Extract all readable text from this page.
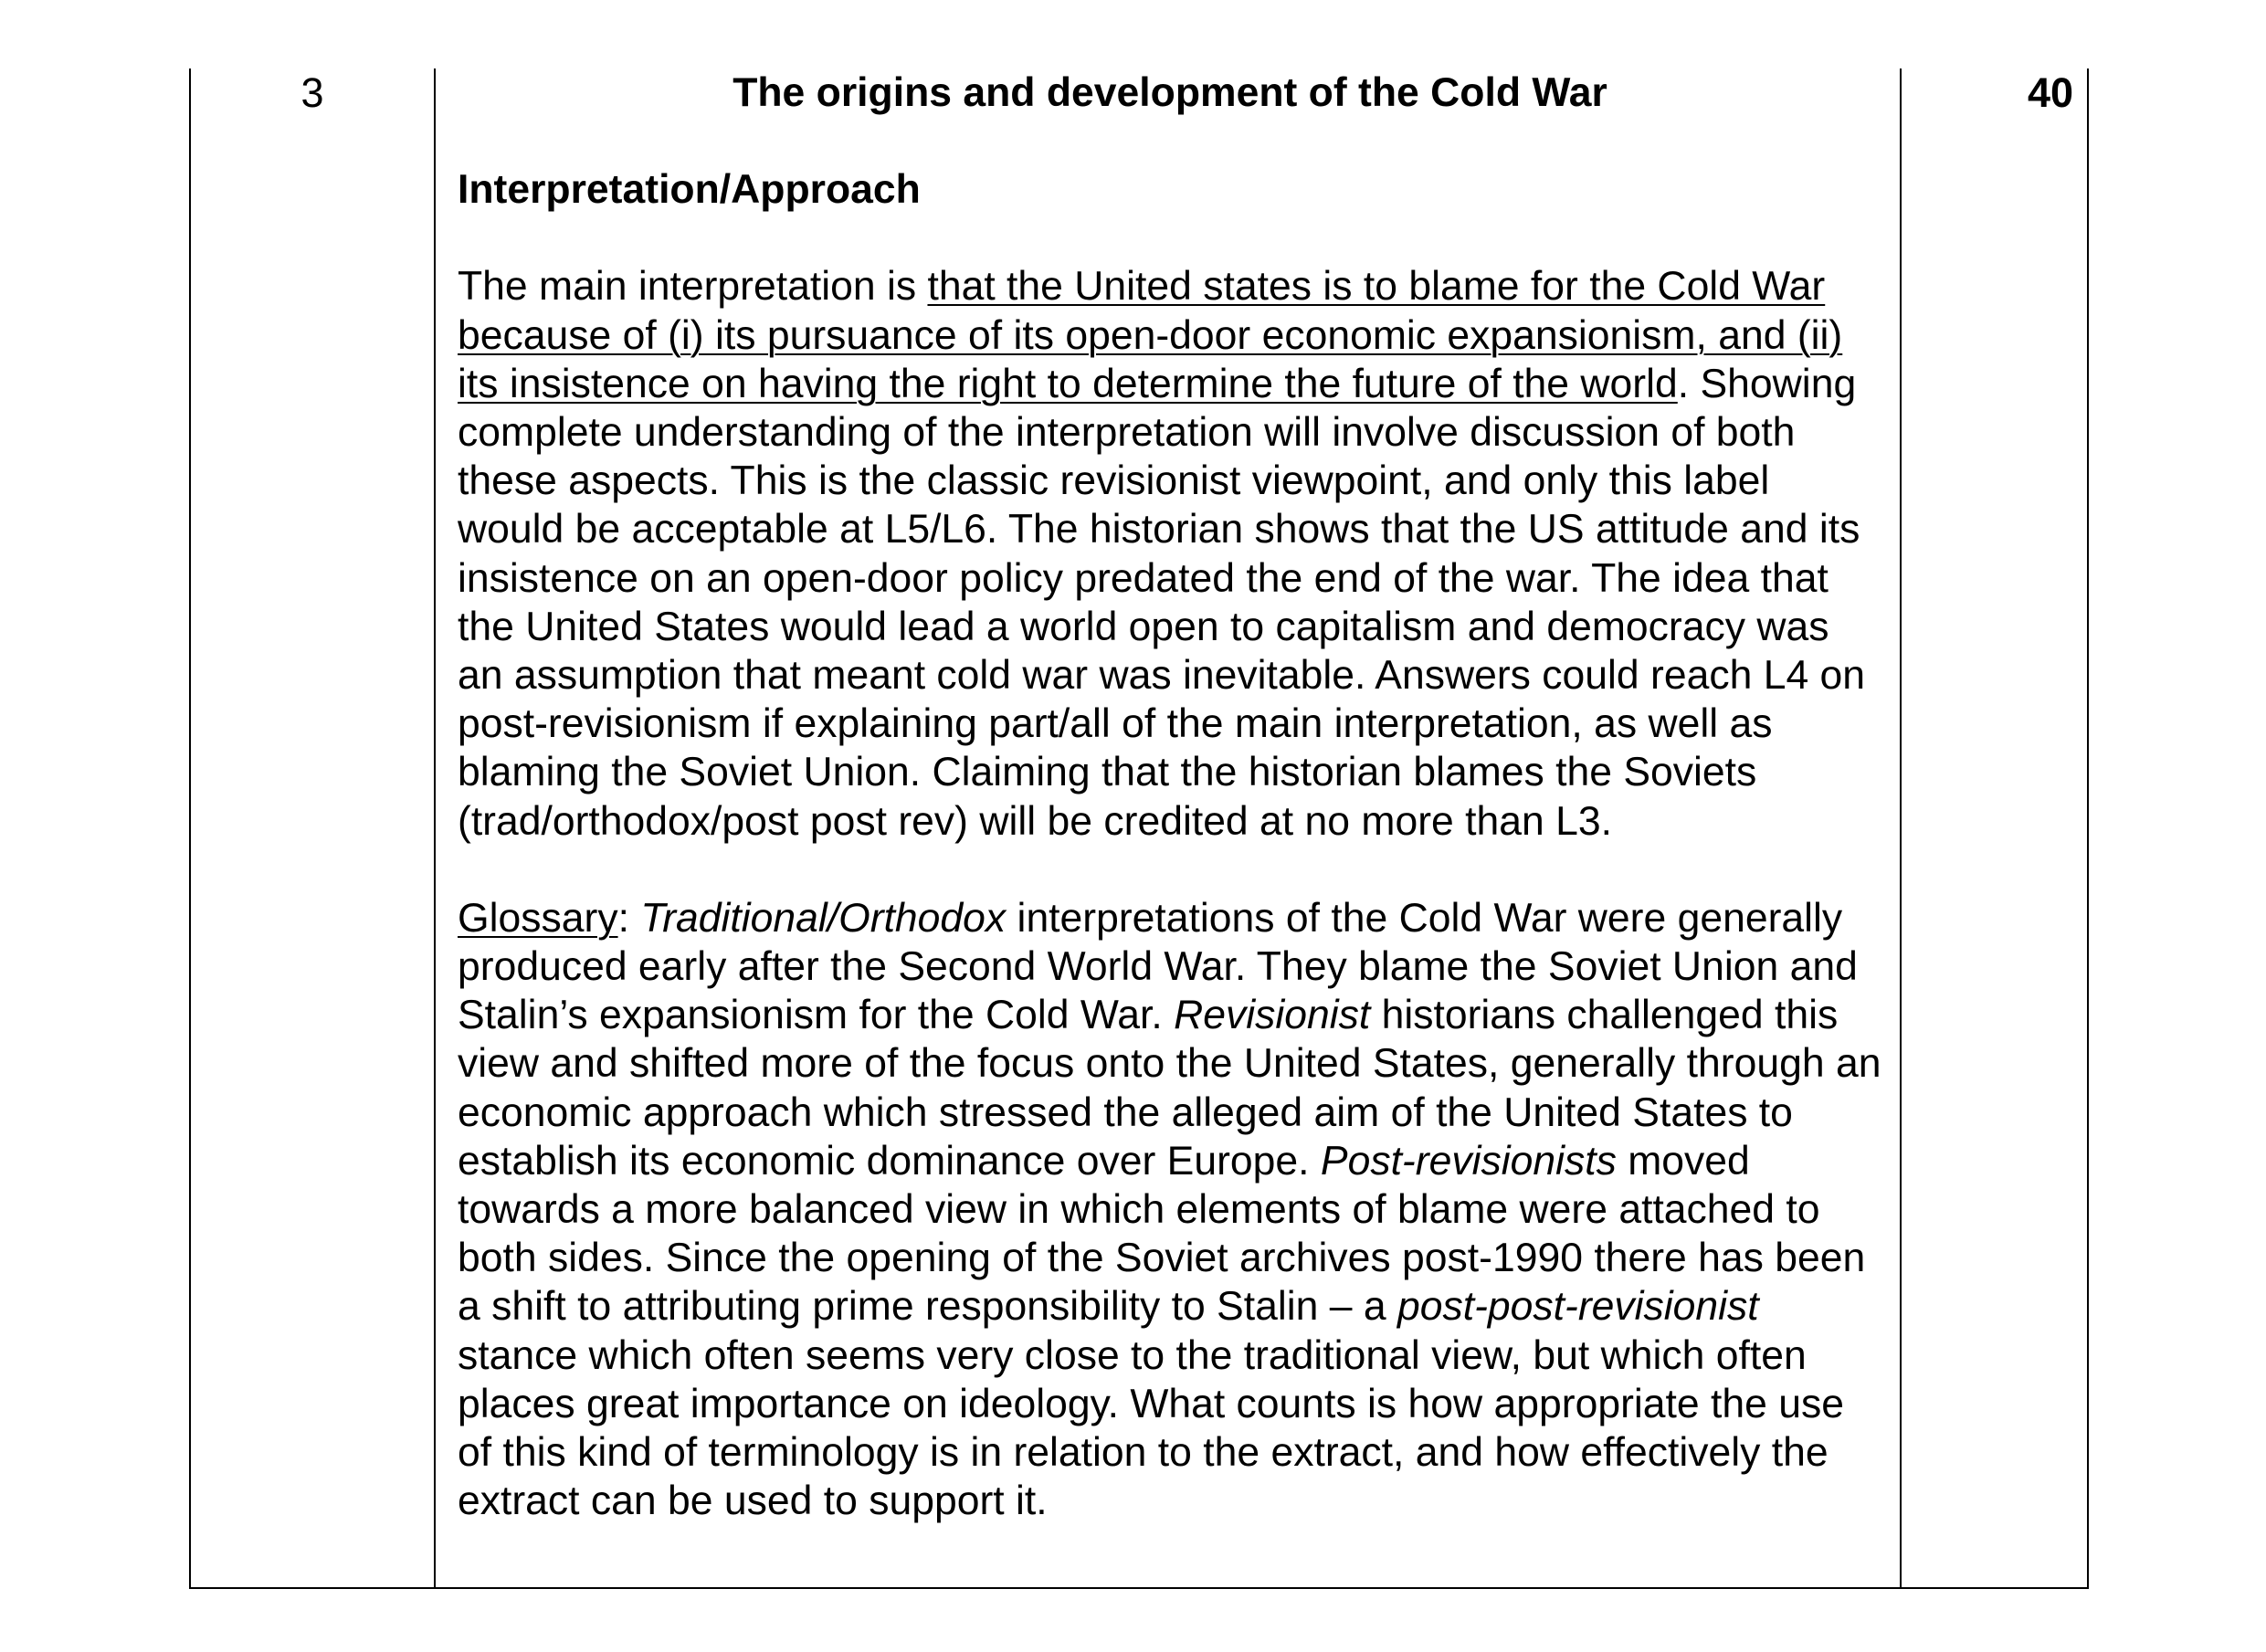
3	The origins and development of the Cold War

Interpretation/Approach

The main interpretation is that the United states is to blame for the Cold War because of (i) its pursuance of its open-door economic expansionism, and (ii) its insistence on having the right to determine the future of the world. Showing complete understanding of the interpretation will involve discussion of both these aspects. This is the classic revisionist viewpoint, and only this label would be acceptable at L5/L6. The historian shows that the US attitude and its insistence on an open-door policy predated the end of the war. The idea that the United States would lead a world open to capitalism and democracy was an assumption that meant cold war was inevitable. Answers could reach L4 on post-revisionism if explaining part/all of the main interpretation, as well as blaming the Soviet Union. Claiming that the historian blames the Soviets (trad/orthodox/post post rev) will be credited at no more than L3.

Glossary: Traditional/Orthodox interpretations of the Cold War were generally produced early after the Second World War. They blame the Soviet Union and Stalin’s expansionism for the Cold War. Revisionist historians challenged this view and shifted more of the focus onto the United States, generally through an economic approach which stressed the alleged aim of the United States to establish its economic dominance over Europe. Post-revisionists moved towards a more balanced view in which elements of blame were attached to both sides. Since the opening of the Soviet archives post-1990 there has been a shift to attributing prime responsibility to Stalin – a post-post-revisionist stance which often seems very close to the traditional view, but which often places great importance on ideology. What counts is how appropriate the use of this kind of terminology is in relation to the extract, and how effectively the extract can be used to support it.

40
